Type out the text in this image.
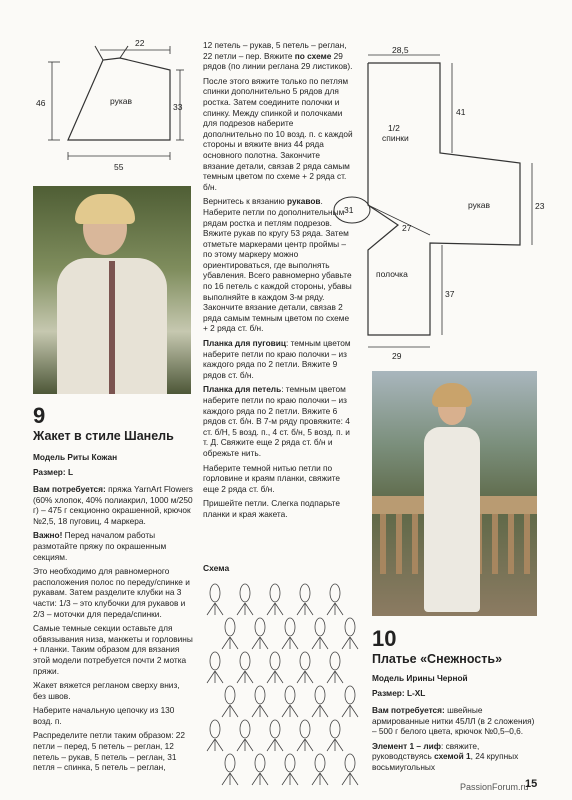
рукав
22
46	33
55

12 петель – рукав, 5 петель – реглан, 22 петли – пер. Вяжите по схеме 29 рядов (по линии реглана 29 листиков).

После этого вяжите только по петлям спинки дополнительно 5 рядов для ростка. Затем соедините полочки и спинку. Между спинкой и полочками для подрезов наберите дополнительно по 10 возд. п. с каждой стороны и вяжите вниз 44 ряда основного полотна. Закончите вязание детали, связав 2 ряда самым темным цветом по схеме + 2 ряда ст. б/н.

Вернитесь к вязанию рукавов. Наберите петли по дополнительным рядам ростка и петлям подрезов. Вяжите рукав по кругу 53 ряда. Затем отметьте маркерами центр проймы – по этому маркеру можно ориентироваться, где выполнять убавления. Всего равномерно убавьте по 16 петель с каждой стороны, убавы выполняйте в каждом 3-м ряду. Закончите вязание детали, связав 2 ряда самым темным цветом по схеме + 2 ряда ст. б/н.

Планка для пуговиц: темным цветом наберите петли по краю полочки – из каждого ряда по 2 петли. Вяжите 9 рядов ст. б/н.

Планка для петель: темным цветом наберите петли по краю полочки – из каждого ряда по 2 петли. Вяжите 6 рядов ст. б/н. В 7-м ряду провяжите: 4 ст. б/Н, 5 возд. п., 4 ст. б/н, 5 возд. п. и т. Д. Свяжите еще 2 ряда ст. б/н и обрежьте нить.

Наберите темной нитью петли по горловине и краям планки, свяжите еще 2 ряда ст. б/н.

Пришейте петли. Слегка подпарьте планки и края жакета.

28,5
1/2
спинки
41
31	рукав	23
27
полочка
37
29
9
Жакет в стиле Шанель
Модель Риты Кожан
Размер: L

Вам потребуется: пряжа YarnArt Flowers (60% хлопок, 40% полиакрил, 1000 м/250 г) – 475 г секционно окрашенной, крючок №2,5, 18 пуговиц, 4 маркера.

Важно! Перед началом работы размотайте пряжу по окрашенным секциям.

Это необходимо для равномерного расположения полос по переду/спинке и рукавам. Затем разделите клубки на 3 части: 1/3 – это клубочки для рукавов и 2/3 – моточки для переда/спинки.

Самые темные секции оставьте для обвязывания низа, манжеты и горловины + планки. Таким образом для вязания этой модели потребуется почти 2 мотка пряжи.

Жакет вяжется регланом сверху вниз, без швов.

Наберите начальную цепочку из 130 возд. п.

Распределите петли таким образом: 22 петли – перед, 5 петель – реглан, 12 петель – рукав, 5 петель – реглан, 31 петля – спинка, 5 петель – реглан,

Схема
10
Платье «Снежность»
Модель Ирины Черной
Размер: L-XL

Вам потребуется: швейные армированные нитки 45ЛЛ (в 2 сложения) – 500 г белого цвета, крючок №0,5–0,6.

Элемент 1 – лиф: свяжите, руководствуясь схемой 1, 24 крупных восьмиугольных

PassionForum.ru
15
